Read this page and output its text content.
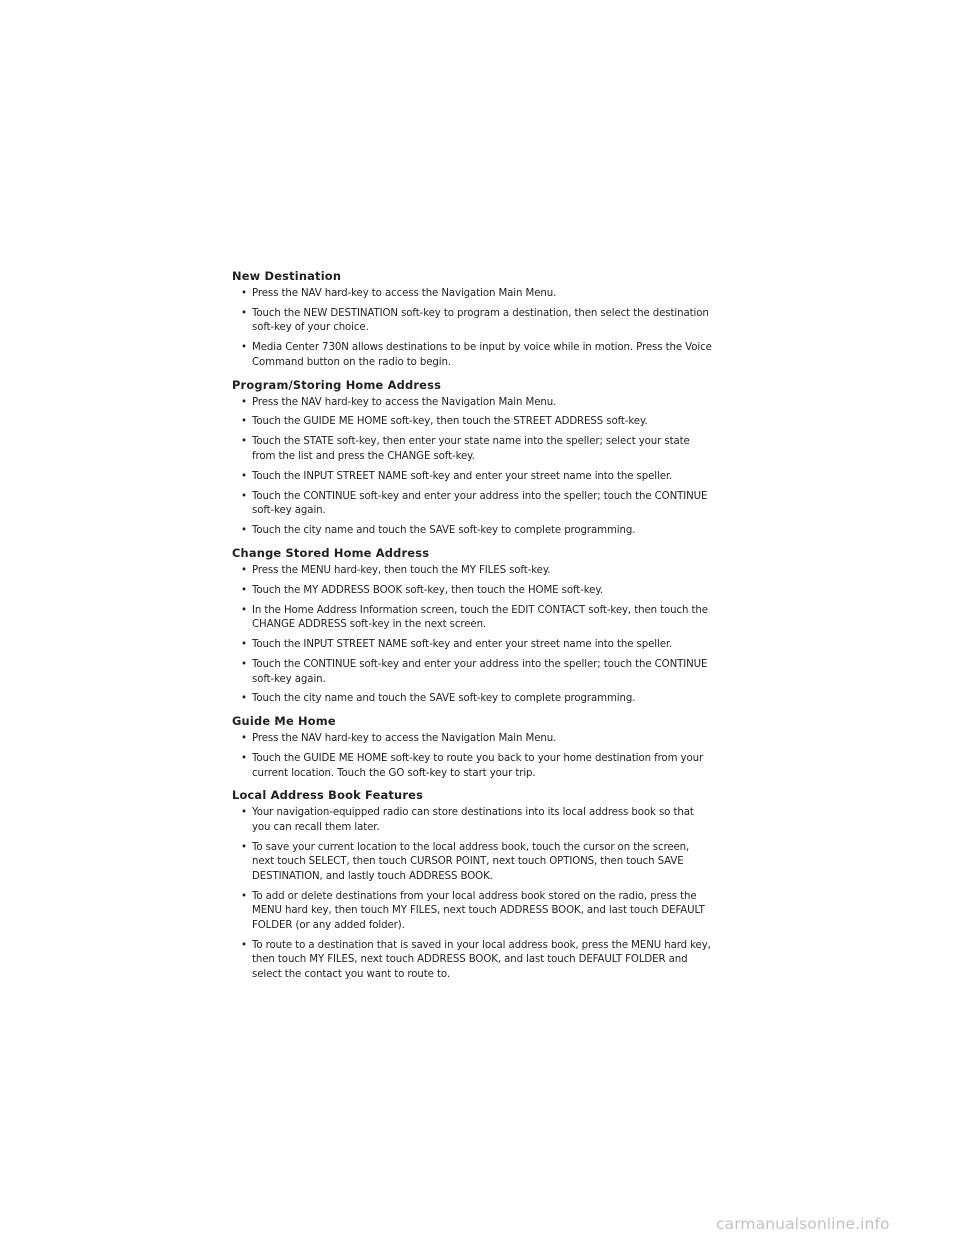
New Destination
• Press the NAV hard-key to access the Navigation Main Menu.
• Touch the NEW DESTINATION soft-key to program a destination, then select the destination soft-key of your choice.
• Media Center 730N allows destinations to be input by voice while in motion. Press the Voice Command button on the radio to begin.
Program/Storing Home Address
• Press the NAV hard-key to access the Navigation Main Menu.
• Touch the GUIDE ME HOME soft-key, then touch the STREET ADDRESS soft-key.
• Touch the STATE soft-key, then enter your state name into the speller; select your state from the list and press the CHANGE soft-key.
• Touch the INPUT STREET NAME soft-key and enter your street name into the speller.
• Touch the CONTINUE soft-key and enter your address into the speller; touch the CONTINUE soft-key again.
• Touch the city name and touch the SAVE soft-key to complete programming.
Change Stored Home Address
• Press the MENU hard-key, then touch the MY FILES soft-key.
• Touch the MY ADDRESS BOOK soft-key, then touch the HOME soft-key.
• In the Home Address Information screen, touch the EDIT CONTACT soft-key, then touch the CHANGE ADDRESS soft-key in the next screen.
• Touch the INPUT STREET NAME soft-key and enter your street name into the speller.
• Touch the CONTINUE soft-key and enter your address into the speller; touch the CONTINUE soft-key again.
• Touch the city name and touch the SAVE soft-key to complete programming.
Guide Me Home
• Press the NAV hard-key to access the Navigation Main Menu.
• Touch the GUIDE ME HOME soft-key to route you back to your home destination from your current location. Touch the GO soft-key to start your trip.
Local Address Book Features
• Your navigation-equipped radio can store destinations into its local address book so that you can recall them later.
• To save your current location to the local address book, touch the cursor on the screen, next touch SELECT, then touch CURSOR POINT, next touch OPTIONS, then touch SAVE DESTINATION, and lastly touch ADDRESS BOOK.
• To add or delete destinations from your local address book stored on the radio, press the MENU hard key, then touch MY FILES, next touch ADDRESS BOOK, and last touch DEFAULT FOLDER (or any added folder).
• To route to a destination that is saved in your local address book, press the MENU hard key, then touch MY FILES, next touch ADDRESS BOOK, and last touch DEFAULT FOLDER and select the contact you want to route to.
carmanualsonline.info
